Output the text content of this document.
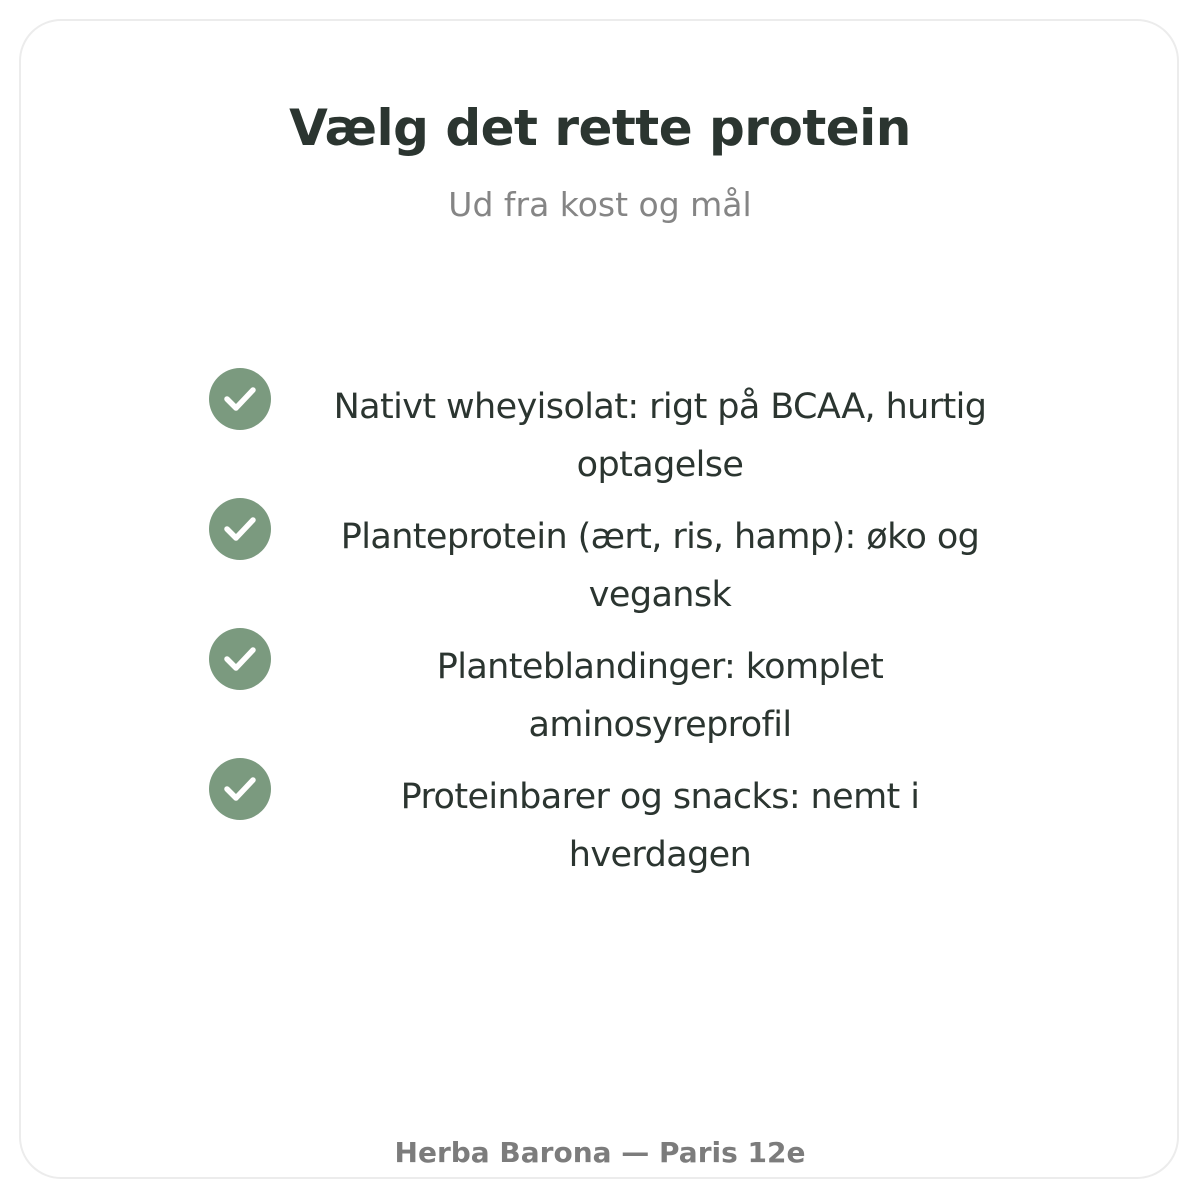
Vælg det rette protein
Ud fra kost og mål
Nativt wheyisolat: rigt på BCAA, hurtig optagelse
Planteprotein (ært, ris, hamp): øko og vegansk
Planteblandinger: komplet aminosyreprofil
Proteinbarer og snacks: nemt i hverdagen
Herba Barona — Paris 12e
